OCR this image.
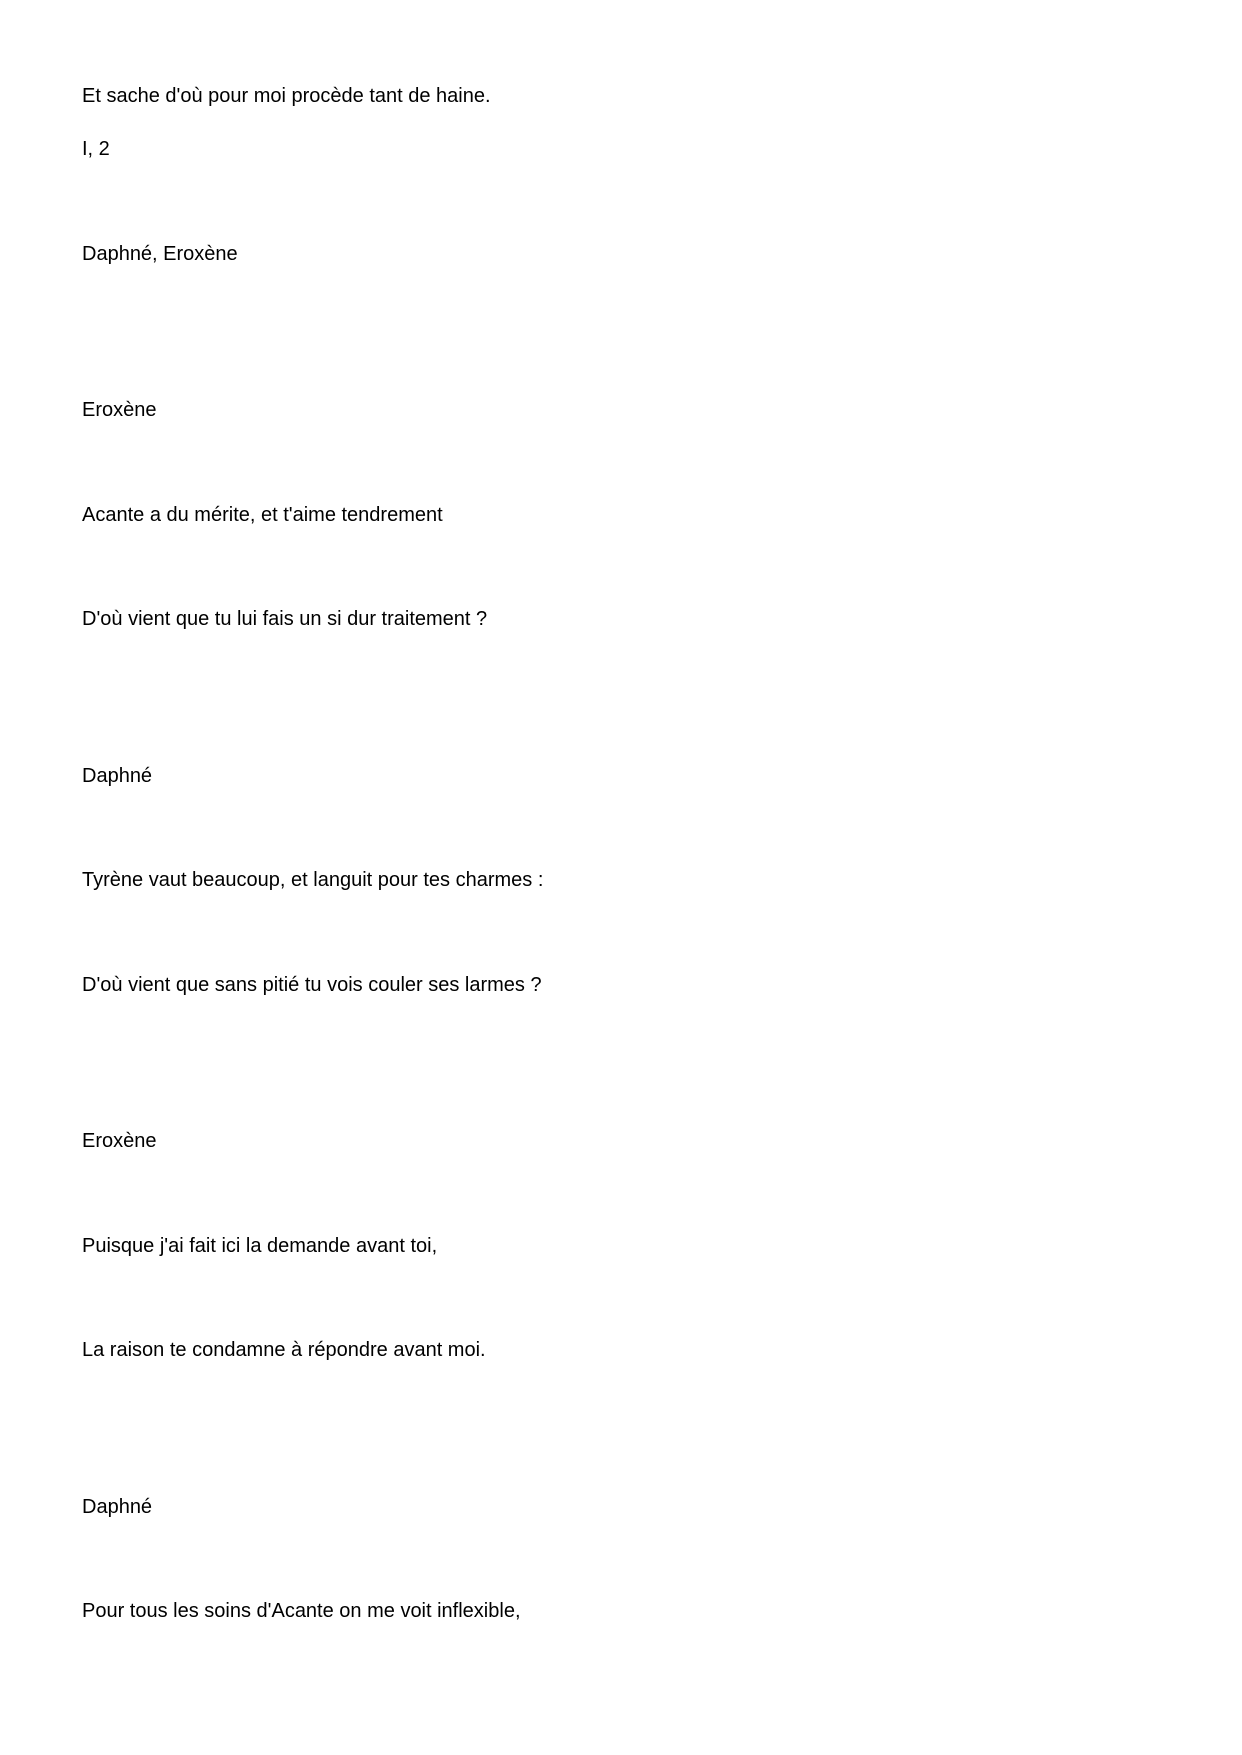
Et sache d'où pour moi procède tant de haine.
I, 2
Daphné, Eroxène
Eroxène
Acante a du mérite, et t'aime tendrement
D'où vient que tu lui fais un si dur traitement ?
Daphné
Tyrène vaut beaucoup, et languit pour tes charmes :
D'où vient que sans pitié tu vois couler ses larmes ?
Eroxène
Puisque j'ai fait ici la demande avant toi,
La raison te condamne à répondre avant moi.
Daphné
Pour tous les soins d'Acante on me voit inflexible,
